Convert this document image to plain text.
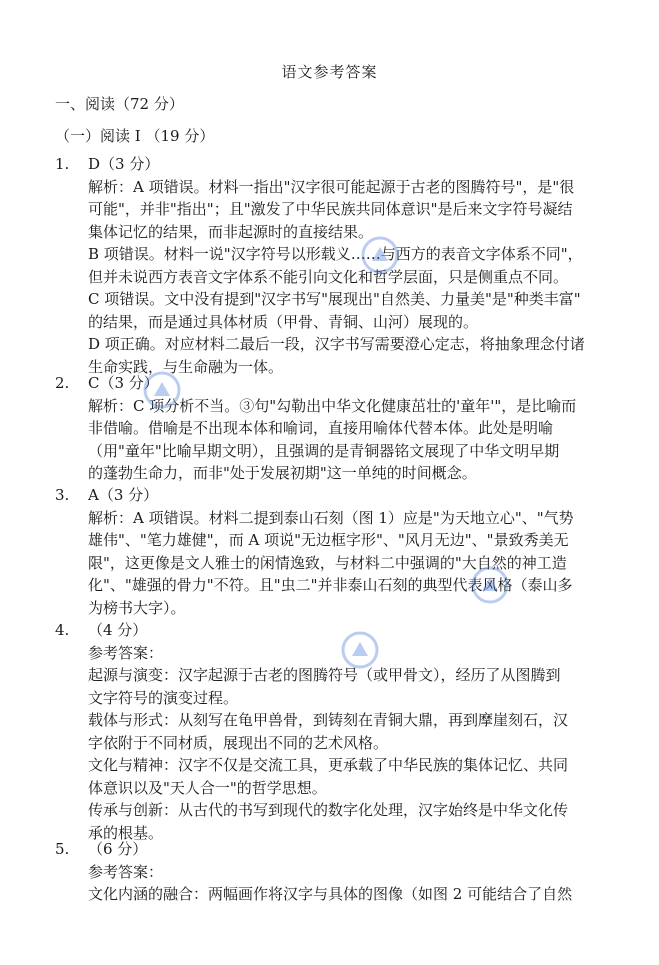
语文参考答案
一、阅读（72 分）
（一）阅读 I （19 分）
1. D（3 分）
解析：A 项错误。材料一指出"汉字很可能起源于古老的图腾符号"，是"很
可能"，并非"指出"；且"激发了中华民族共同体意识"是后来文字符号凝结
集体记忆的结果，而非起源时的直接结果。
B 项错误。材料一说"汉字符号以形载义……与西方的表音文字体系不同"，
但并未说西方表音文字体系不能引向文化和哲学层面，只是侧重点不同。
C 项错误。文中没有提到"汉字书写"展现出"自然美、力量美"是"种类丰富"
的结果，而是通过具体材质（甲骨、青铜、山河）展现的。
D 项正确。对应材料二最后一段，汉字书写需要澄心定志，将抽象理念付诸
生命实践，与生命融为一体。
2. C（3 分）
解析：C 项分析不当。③句"勾勒出中华文化健康茁壮的'童年'"，是比喻而
非借喻。借喻是不出现本体和喻词，直接用喻体代替本体。此处是明喻
（用"童年"比喻早期文明），且强调的是青铜器铭文展现了中华文明早期
的蓬勃生命力，而非"处于发展初期"这一单纯的时间概念。
3. A（3 分）
解析：A 项错误。材料二提到泰山石刻（图 1）应是"为天地立心"、"气势
雄伟"、"笔力雄健"，而 A 项说"无边框字形"、"风月无边"、"景致秀美无
限"，这更像是文人雅士的闲情逸致，与材料二中强调的"大自然的神工造
化"、"雄强的骨力"不符。且"虫二"并非泰山石刻的典型代表风格（泰山多
为榜书大字）。
4. （4 分）
参考答案：
起源与演变：汉字起源于古老的图腾符号（或甲骨文），经历了从图腾到
文字符号的演变过程。
载体与形式：从刻写在龟甲兽骨，到铸刻在青铜大鼎，再到摩崖刻石，汉
字依附于不同材质，展现出不同的艺术风格。
文化与精神：汉字不仅是交流工具，更承载了中华民族的集体记忆、共同
体意识以及"天人合一"的哲学思想。
传承与创新：从古代的书写到现代的数字化处理，汉字始终是中华文化传
承的根基。
5. （6 分）
参考答案：
文化内涵的融合：两幅画作将汉字与具体的图像（如图 2 可能结合了自然
